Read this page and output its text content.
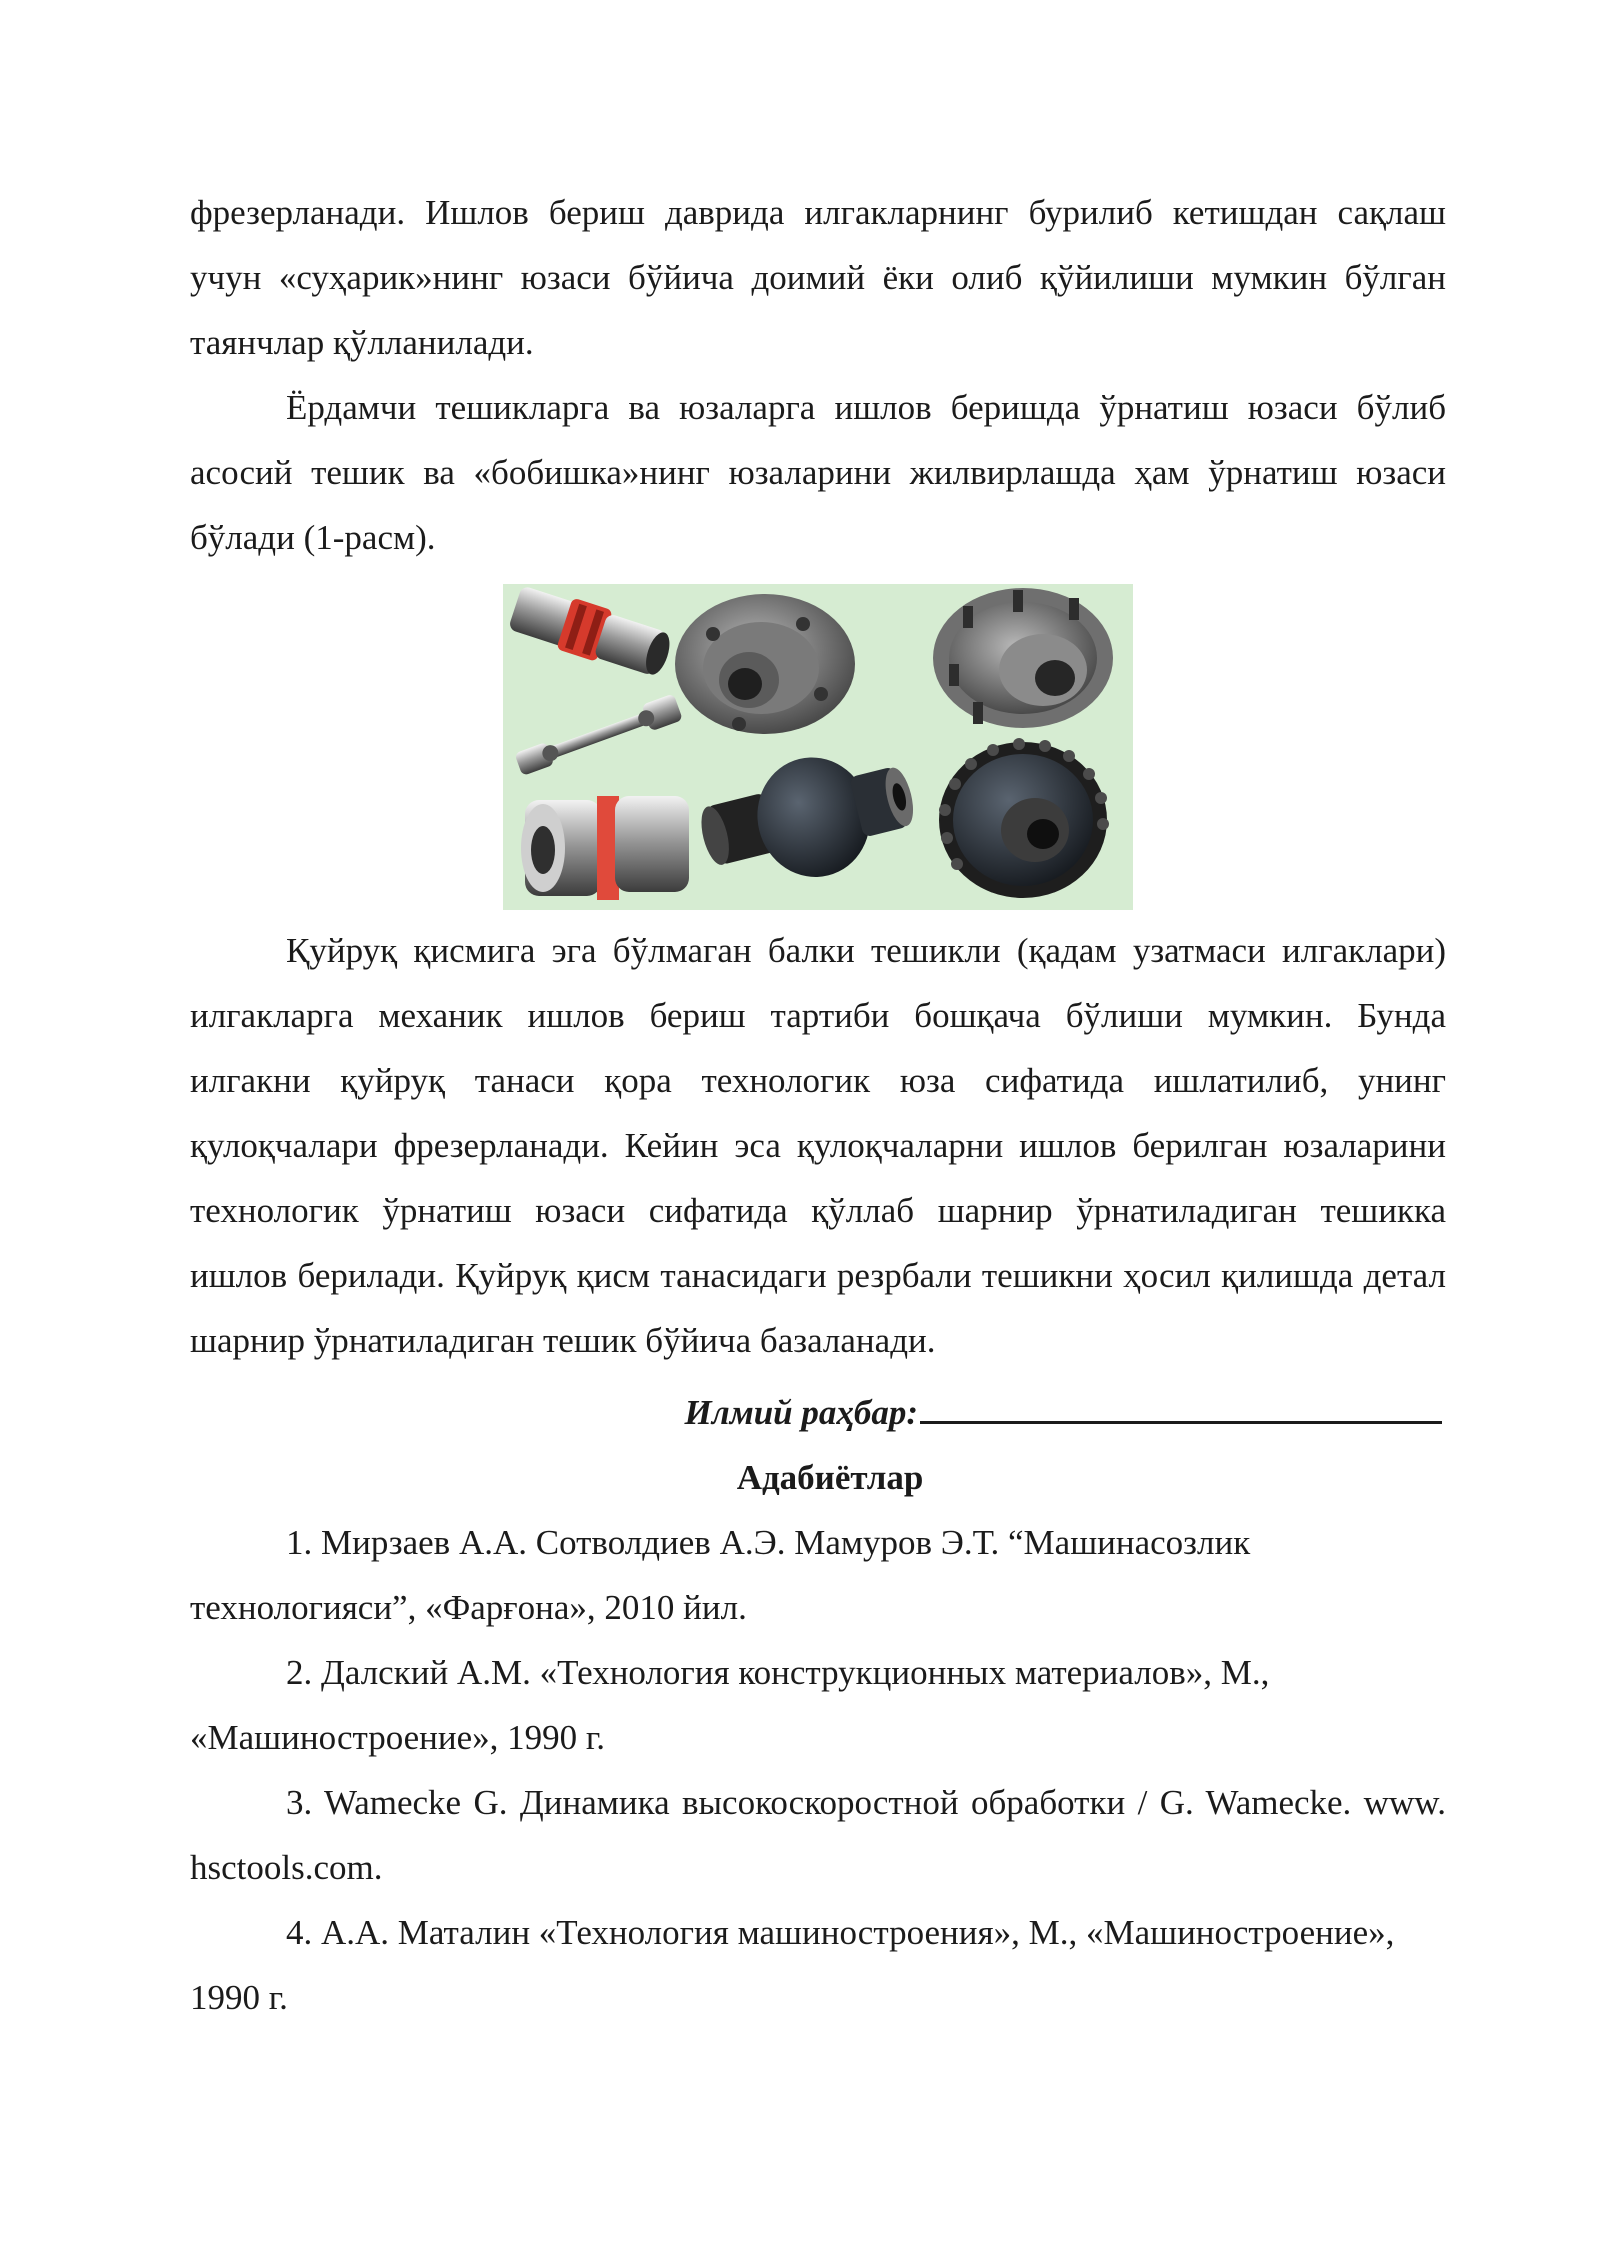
фрезерланади. Ишлов бериш даврида илгакларнинг бурилиб кетишдан сақлаш учун «суҳарик»нинг юзаси бўйича доимий ёки олиб қўйилиши мумкин бўлган таянчлар қўлланилади.

Ёрдамчи тешикларга ва юзаларга ишлов беришда ўрнатиш юзаси бўлиб асосий тешик ва «бобишка»нинг юзаларини жилвирлашда ҳам ўрнатиш юзаси бўлади (1-расм).

Қуйруқ қисмига эга бўлмаган балки тешикли (қадам узатмаси илгаклари) илгакларга механик ишлов бериш тартиби бошқача бўлиши мумкин. Бунда илгакни қуйруқ танаси қора технологик юза сифатида ишлатилиб, унинг қулоқчалари фрезерланади. Кейин эса қулоқчаларни ишлов берилган юзаларини технологик ўрнатиш юзаси сифатида қўллаб шарнир ўрнатиладиган тешикка ишлов берилади. Қуйруқ қисм танасидаги резрбали тешикни ҳосил қилишда детал шарнир ўрнатиладиган тешик бўйича базаланади.

Илмий раҳбар:

Адабиётлар

1. Мирзаев А.А. Сотволдиев А.Э. Мамуров Э.Т. “Машинасозлик технологияси”, «Фарғона», 2010 йил.

2. Далский А.М. «Технология конструкционных материалов», М., «Машиностроение», 1990 г.

3. Wamecke G. Динамика высокоскоростной обработки / G. Wamecke. www. hsctools.com.

4. А.А. Маталин «Технология машиностроения», М., «Машиностроение», 1990 г.
